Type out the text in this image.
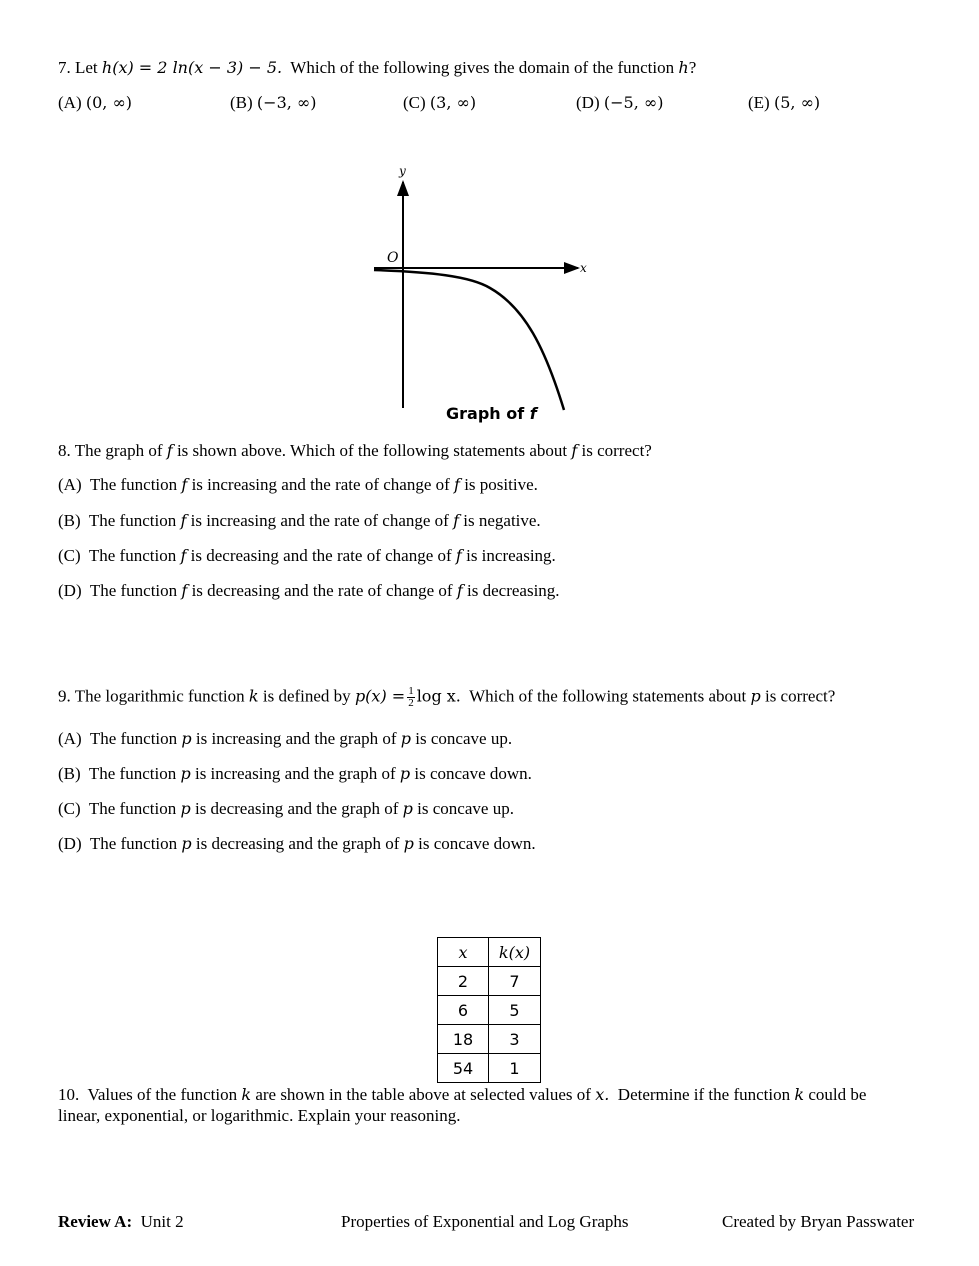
7. Let h(x) = 2 ln(x − 3) − 5. Which of the following gives the domain of the function h?
(A) (0, ∞)	(B) (−3, ∞)	(C) (3, ∞)	(D) (−5, ∞)	(E) (5, ∞)
y
x
O
Graph of f
8. The graph of f is shown above. Which of the following statements about f is correct?
(A) The function f is increasing and the rate of change of f is positive.
(B) The function f is increasing and the rate of change of f is negative.
(C) The function f is decreasing and the rate of change of f is increasing.
(D) The function f is decreasing and the rate of change of f is decreasing.
9. The logarithmic function k is defined by $p(x) = \frac{1}{2}$ log x. Which of the following statements about p is correct?
(A) The function p is increasing and the graph of p is concave up.
(B) The function p is increasing and the graph of p is concave down.
(C) The function p is decreasing and the graph of p is concave up.
(D) The function p is decreasing and the graph of p is concave down.
x	k(x)
2	7
6	5
18	3
54	1
10. Values of the function k are shown in the table above at selected values of x. Determine if the function k could be
linear, exponential, or logarithmic. Explain your reasoning.
Review A: Unit 2	Properties of Exponential and Log Graphs	Created by Bryan Passwater
